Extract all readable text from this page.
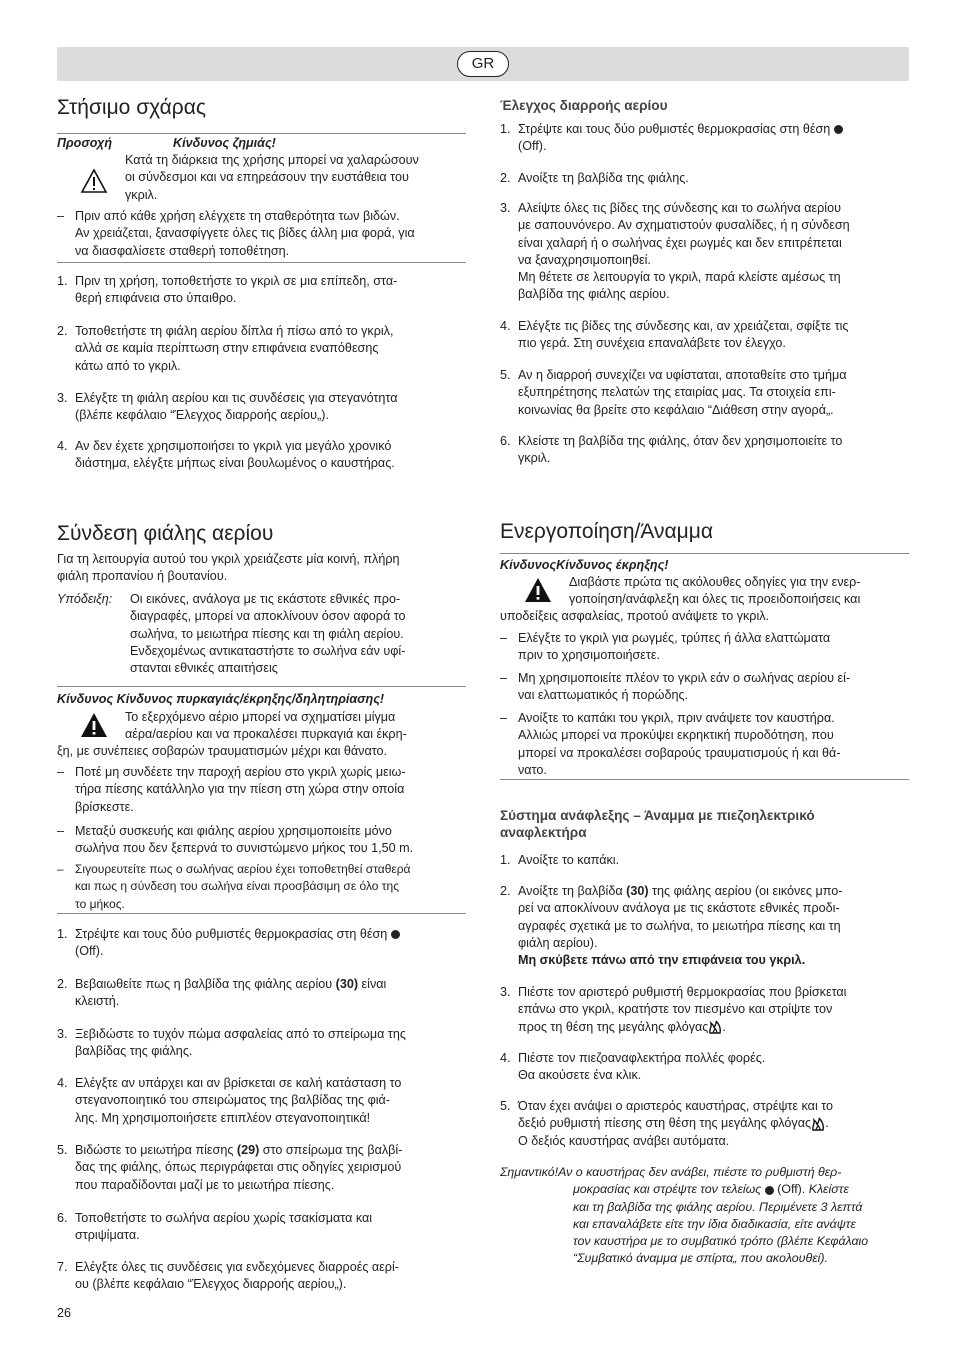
GR
Στήσιμο σχάρας
Προσοχή	Κίνδυνος ζημιάς!
Κατά τη διάρκεια της χρήσης μπορεί να χαλαρώσουν
οι σύνδεσμοι και να επηρεάσουν την ευστάθεια του
γκριλ.
– Πριν από κάθε χρήση ελέγχετε τη σταθερότητα των βιδών.
Αν χρειάζεται, ξανασφίγγετε όλες τις βίδες άλλη μια φορά, για
να διασφαλίσετε σταθερή τοποθέτηση.
1. Πριν τη χρήση, τοποθετήστε το γκριλ σε μια επίπεδη, στα-
θερή επιφάνεια στο ύπαιθρο.
2. Τοποθετήστε τη φιάλη αερίου δίπλα ή πίσω από το γκριλ,
αλλά σε καμία περίπτωση στην επιφάνεια εναπόθεσης
κάτω από το γκριλ.
3. Ελέγξτε τη φιάλη αερίου και τις συνδέσεις για στεγανότητα
(βλέπε κεφάλαιο “Έλεγχος διαρροής αερίου„).
4. Αν δεν έχετε χρησιμοποιήσει το γκριλ για μεγάλο χρονικό
διάστημα, ελέγξτε μήπως είναι βουλωμένος ο καυστήρας.
Σύνδεση φιάλης αερίου
Για τη λειτουργία αυτού του γκριλ χρειάζεστε μία κοινή, πλήρη
φιάλη προπανίου ή βουτανίου.
Υπόδειξη: Οι εικόνες, ανάλογα με τις εκάστοτε εθνικές προ-
διαγραφές, μπορεί να αποκλίνουν όσον αφορά το
σωλήνα, το μειωτήρα πίεσης και τη φιάλη αερίου.
Ενδεχομένως αντικαταστήστε το σωλήνα εάν υφί-
στανται εθνικές απαιτήσεις
Κίνδυνος Κίνδυνος πυρκαγιάς/έκρηξης/δηλητηρίασης!
Το εξερχόμενο αέριο μπορεί να σχηματίσει μίγμα
αέρα/αερίου και να προκαλέσει πυρκαγιά και έκρη-
ξη, με συνέπειες σοβαρών τραυματισμών μέχρι και θάνατο.
– Ποτέ μη συνδέετε την παροχή αερίου στο γκριλ χωρίς μειω-
τήρα πίεσης κατάλληλο για την πίεση στη χώρα στην οποία
βρίσκεστε.
– Μεταξύ συσκευής και φιάλης αερίου χρησιμοποιείτε μόνο
σωλήνα που δεν ξεπερνά το συνιστώμενο μήκος του 1,50 m.
– Σιγουρευτείτε πως ο σωλήνας αερίου έχει τοποθετηθεί σταθερά
και πως η σύνδεση του σωλήνα είναι προσβάσιμη σε όλο της
το μήκος.
1. Στρέψτε και τους δύο ρυθμιστές θερμοκρασίας στη θέση
(Off).
2. Βεβαιωθείτε πως η βαλβίδα της φιάλης αερίου (30) είναι
κλειστή.
3. Ξεβιδώστε το τυχόν πώμα ασφαλείας από το σπείρωμα της
βαλβίδας της φιάλης.
4. Ελέγξτε αν υπάρχει και αν βρίσκεται σε καλή κατάσταση το
στεγανοποιητικό του σπειρώματος της βαλβίδας της φιά-
λης. Μη χρησιμοποιήσετε επιπλέον στεγανοποιητικά!
5. Βιδώστε το μειωτήρα πίεσης (29) στο σπείρωμα της βαλβί-
δας της φιάλης, όπως περιγράφεται στις οδηγίες χειρισμού
που παραδίδονται μαζί με το μειωτήρα πίεσης.
6. Τοποθετήστε το σωλήνα αερίου χωρίς τσακίσματα και
στριψίματα.
7. Ελέγξτε όλες τις συνδέσεις για ενδεχόμενες διαρροές αερί-
ου (βλέπε κεφάλαιο “Έλεγχος διαρροής αερίου„).
Έλεγχος διαρροής αερίου
1. Στρέψτε και τους δύο ρυθμιστές θερμοκρασίας στη θέση
(Off).
2. Ανοίξτε τη βαλβίδα της φιάλης.
3. Αλείψτε όλες τις βίδες της σύνδεσης και το σωλήνα αερίου
με σαπουνόνερο. Αν σχηματιστούν φυσαλίδες, ή η σύνδεση
είναι χαλαρή ή ο σωλήνας έχει ρωγμές και δεν επιτρέπεται
να ξαναχρησιμοποιηθεί.
Μη θέτετε σε λειτουργία το γκριλ, παρά κλείστε αμέσως τη
βαλβίδα της φιάλης αερίου.
4. Ελέγξτε τις βίδες της σύνδεσης και, αν χρειάζεται, σφίξτε τις
πιο γερά. Στη συνέχεια επαναλάβετε τον έλεγχο.
5. Αν η διαρροή συνεχίζει να υφίσταται, αποταθείτε στο τμήμα
εξυπηρέτησης πελατών της εταιρίας μας. Τα στοιχεία επι-
κοινωνίας θα βρείτε στο κεφάλαιο “Διάθεση στην αγορά„.
6. Κλείστε τη βαλβίδα της φιάλης, όταν δεν χρησιμοποιείτε το
γκριλ.
Ενεργοποίηση/Άναμμα
ΚίνδυνοςΚίνδυνος έκρηξης!
Διαβάστε πρώτα τις ακόλουθες οδηγίες για την ενερ-
γοποίηση/ανάφλεξη και όλες τις προειδοποιήσεις και
υποδείξεις ασφαλείας, προτού ανάψετε το γκριλ.
– Ελέγξτε το γκριλ για ρωγμές, τρύπες ή άλλα ελαττώματα
πριν το χρησιμοποιήσετε.
– Μη χρησιμοποιείτε πλέον το γκριλ εάν ο σωλήνας αερίου εί-
ναι ελαττωματικός ή πορώδης.
– Ανοίξτε το καπάκι του γκριλ, πριν ανάψετε τον καυστήρα.
Αλλιώς μπορεί να προκύψει εκρηκτική πυροδότηση, που
μπορεί να προκαλέσει σοβαρούς τραυματισμούς ή και θά-
νατο.
Σύστημα ανάφλεξης – Άναμμα με πιεζοηλεκτρικό
αναφλεκτήρα
1. Ανοίξτε το καπάκι.
2. Ανοίξτε τη βαλβίδα (30) της φιάλης αερίου (οι εικόνες μπο-
ρεί να αποκλίνουν ανάλογα με τις εκάστοτε εθνικές προδι-
αγραφές σχετικά με το σωλήνα, το μειωτήρα πίεσης και τη
φιάλη αερίου).
Μη σκύβετε πάνω από την επιφάνεια του γκριλ.
3. Πιέστε τον αριστερό ρυθμιστή θερμοκρασίας που βρίσκεται
επάνω στο γκριλ, κρατήστε τον πιεσμένο και στρίψτε τον
προς τη θέση της μεγάλης φλόγας .
4. Πιέστε τον πιεζοαναφλεκτήρα πολλές φορές.
Θα ακούσετε ένα κλικ.
5. Όταν έχει ανάψει ο αριστερός καυστήρας, στρέψτε και το
δεξιό ρυθμιστή πίεσης στη θέση της μεγάλης φλόγας .
Ο δεξιός καυστήρας ανάβει αυτόματα.
Σημαντικό!Αν ο καυστήρας δεν ανάβει, πιέστε το ρυθμιστή θερ-
μοκρασίας και στρέψτε τον τελείως (Off). Κλείστε
και τη βαλβίδα της φιάλης αερίου. Περιμένετε 3 λεπτά
και επαναλάβετε είτε την ίδια διαδικασία, είτε ανάψτε
τον καυστήρα με το συμβατικό τρόπο (βλέπε Κεφάλαιο
“Συμβατικό άναμμα με σπίρτα„ που ακολουθεί).
26
